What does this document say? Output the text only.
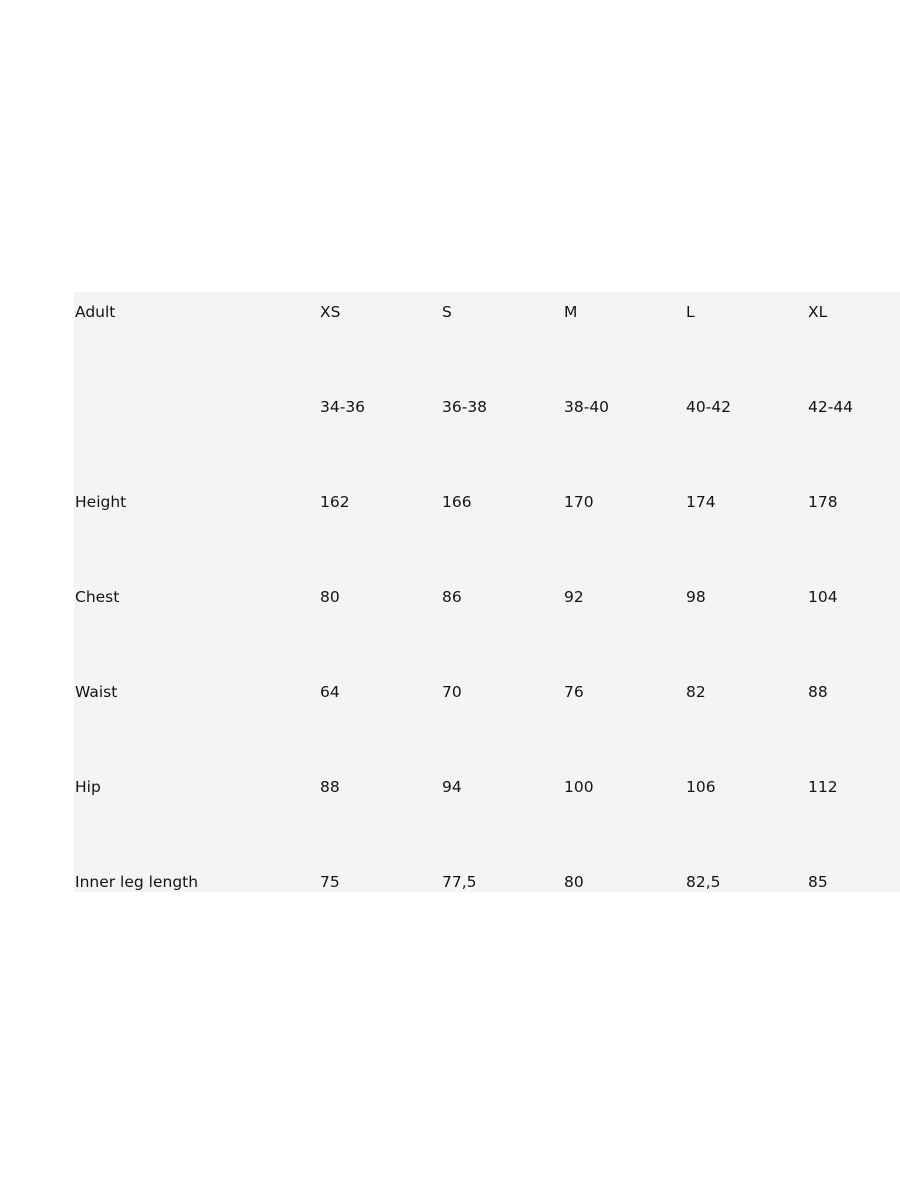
Adult	XS	S	M	L	XL

	34-36	36-38	38-40	40-42	42-44

Height	162	166	170	174	178

Chest	80	86	92	98	104

Waist	64	70	76	82	88

Hip	88	94	100	106	112

Inner leg length	75	77,5	80	82,5	85
